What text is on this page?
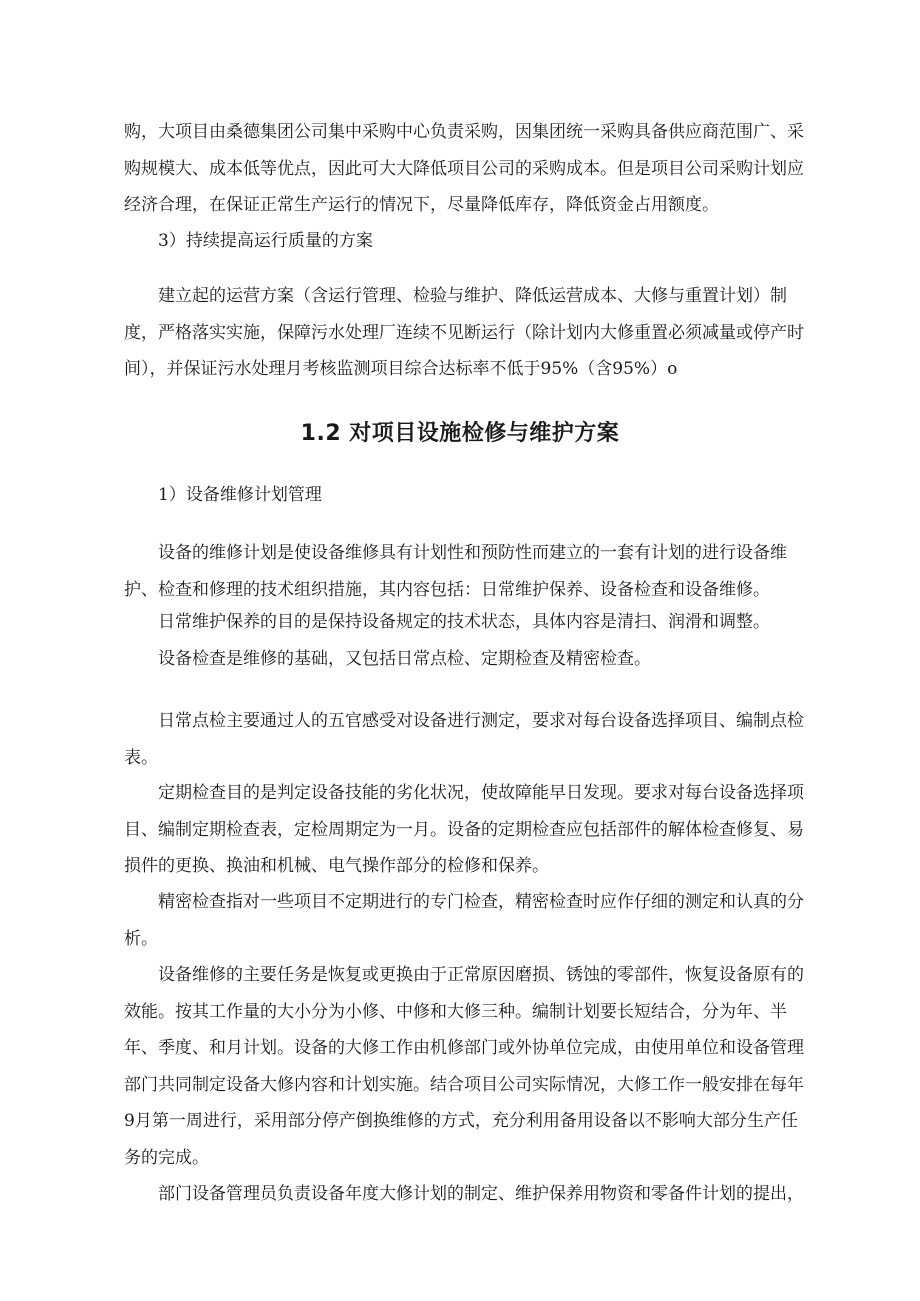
购，大项目由桑德集团公司集中采购中心负责采购，因集团统一采购具备供应商范围广、采购规模大、成本低等优点，因此可大大降低项目公司的采购成本。但是项目公司采购计划应经济合理，在保证正常生产运行的情况下，尽量降低库存，降低资金占用额度。

3）持续提高运行质量的方案

建立起的运营方案（含运行管理、检验与维护、降低运营成本、大修与重置计划）制度，严格落实实施，保障污水处理厂连续不见断运行（除计划内大修重置必须减量或停产时间），并保证污水处理月考核监测项目综合达标率不低于95%（含95%）o

1.2 对项目设施检修与维护方案

1）设备维修计划管理

设备的维修计划是使设备维修具有计划性和预防性而建立的一套有计划的进行设备维护、检查和修理的技术组织措施，其内容包括：日常维护保养、设备检查和设备维修。

日常维护保养的目的是保持设备规定的技术状态，具体内容是清扫、润滑和调整。

设备检查是维修的基础，又包括日常点检、定期检查及精密检查。

日常点检主要通过人的五官感受对设备进行测定，要求对每台设备选择项目、编制点检表。

定期检查目的是判定设备技能的劣化状况，使故障能早日发现。要求对每台设备选择项目、编制定期检查表，定检周期定为一月。设备的定期检查应包括部件的解体检查修复、易损件的更换、换油和机械、电气操作部分的检修和保养。

精密检查指对一些项目不定期进行的专门检查，精密检查时应作仔细的测定和认真的分析。

设备维修的主要任务是恢复或更换由于正常原因磨损、锈蚀的零部件，恢复设备原有的效能。按其工作量的大小分为小修、中修和大修三种。编制计划要长短结合，分为年、半年、季度、和月计划。设备的大修工作由机修部门或外协单位完成，由使用单位和设备管理部门共同制定设备大修内容和计划实施。结合项目公司实际情况，大修工作一般安排在每年9月第一周进行，采用部分停产倒换维修的方式，充分利用备用设备以不影响大部分生产任务的完成。

部门设备管理员负责设备年度大修计划的制定、维护保养用物资和零备件计划的提出，
